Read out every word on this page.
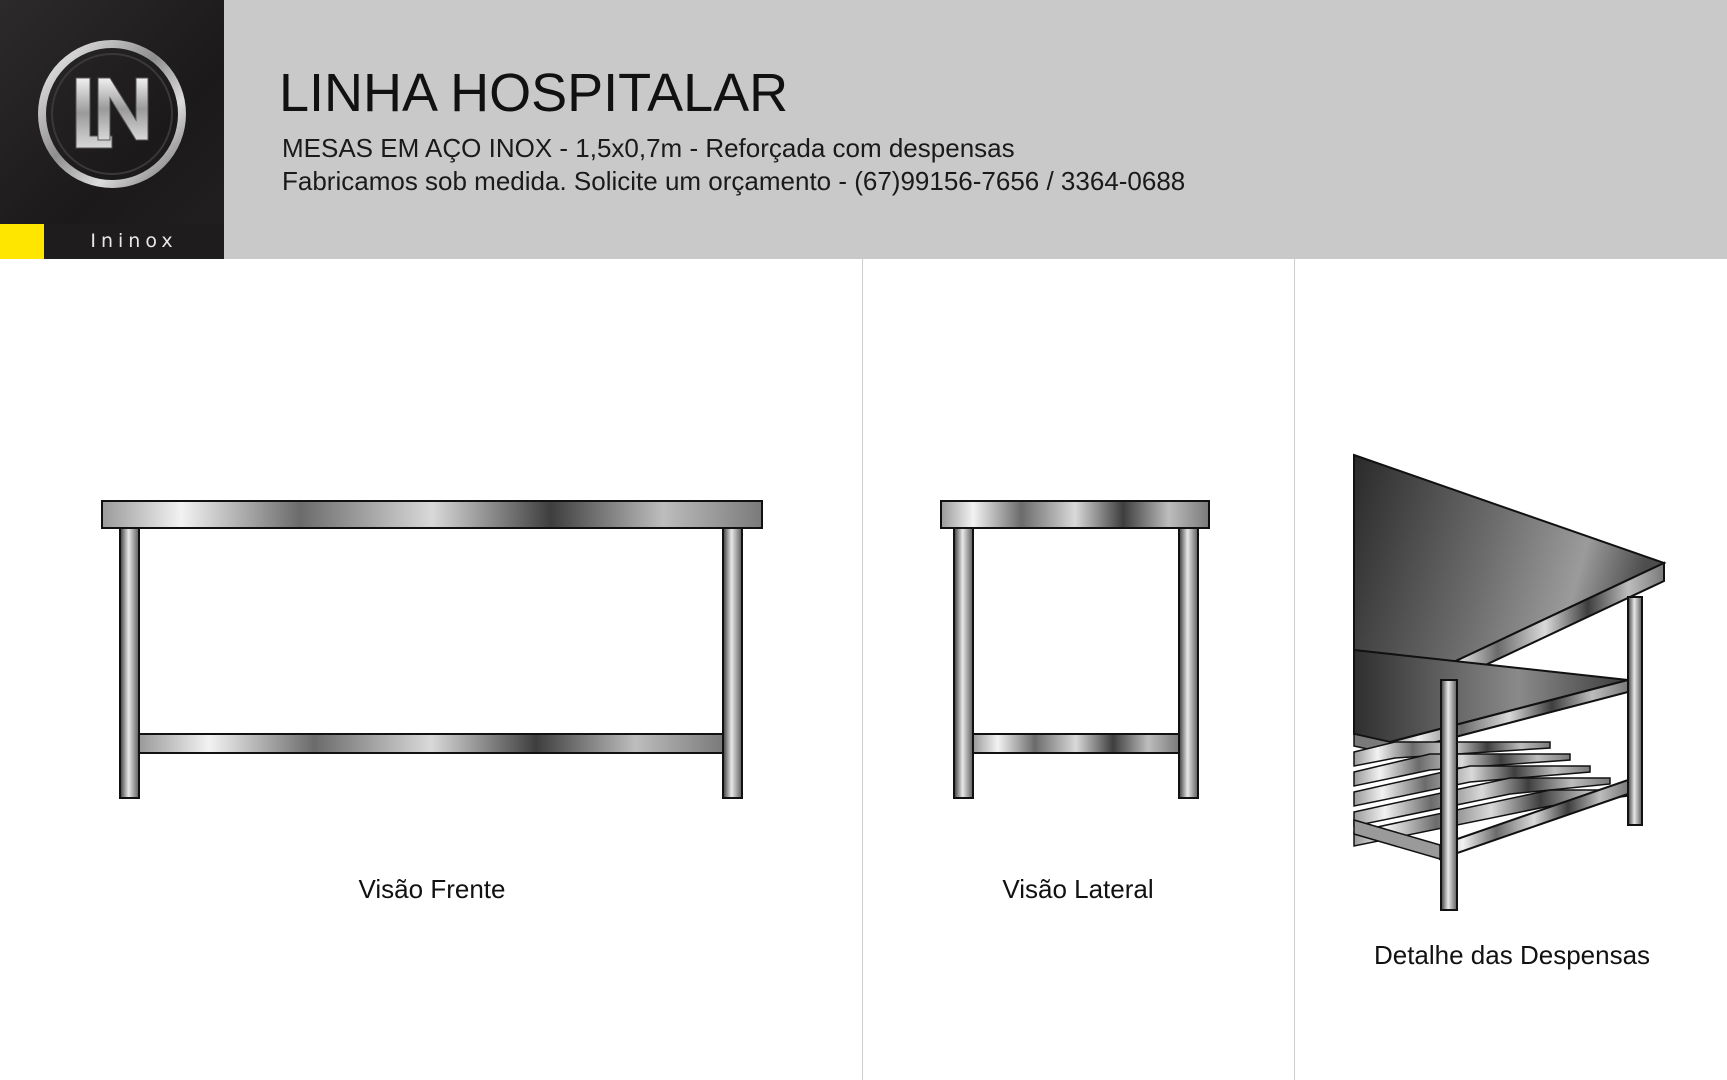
Ininox
LINHA HOSPITALAR
MESAS EM AÇO INOX - 1,5x0,7m - Reforçada com despensas
Fabricamos sob medida. Solicite um orçamento - (67)99156-7656 / 3364-0688
Visão Frente	Visão Lateral
Detalhe das Despensas
